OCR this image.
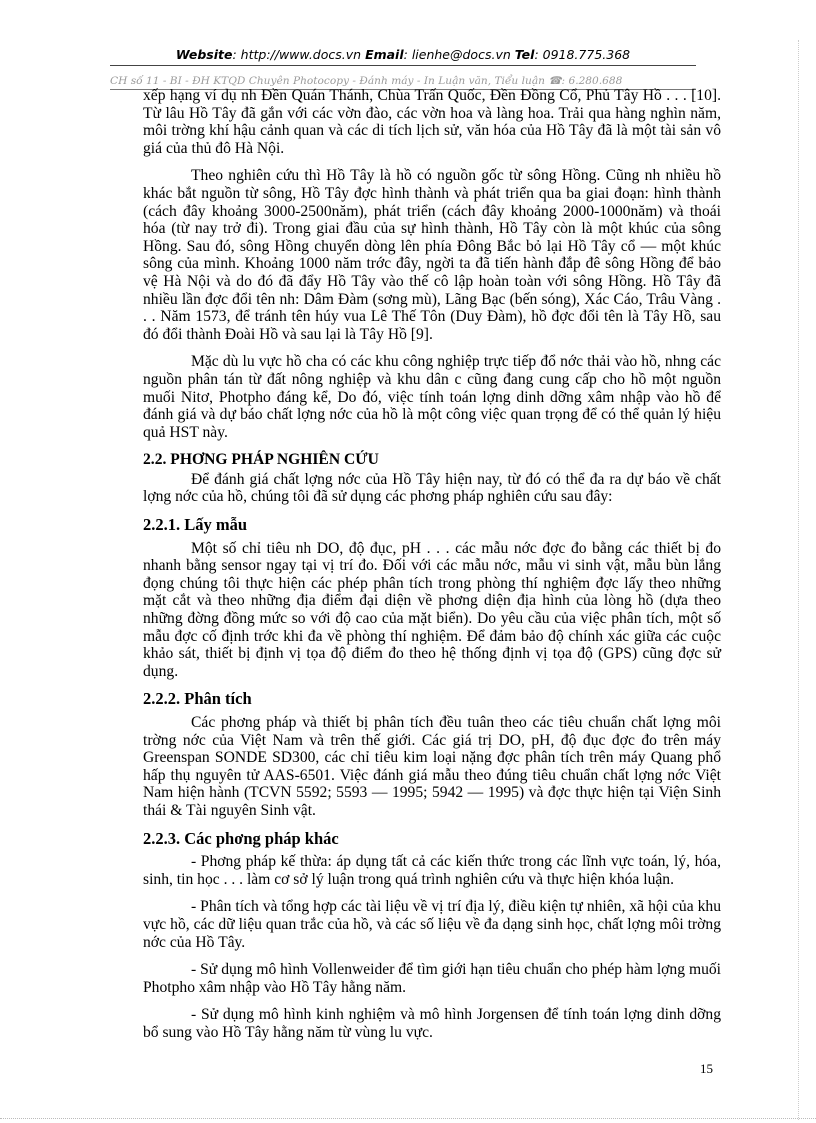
Website: http://www.docs.vn Email: lienhe@docs.vn Tel: 0918.775.368
CH số 11 - BI - ĐH KTQD Chuyên Photocopy - Đánh máy - In Luận văn, Tiểu luận ☎: 6.280.688

xếp hạng ví dụ nh Đền Quán Thánh, Chùa Trấn Quốc, Đền Đồng Cổ, Phủ Tây Hồ . . . [10]. Từ lâu Hồ Tây đã gắn với các vờn đào, các vờn hoa và làng hoa. Trải qua hàng nghìn năm, môi trờng khí hậu cảnh quan và các di tích lịch sử, văn hóa của Hồ Tây đã là một tài sản vô giá của thủ đô Hà Nội.

Theo nghiên cứu thì Hồ Tây là hồ có nguồn gốc từ sông Hồng. Cũng nh nhiều hồ khác bắt nguồn từ sông, Hồ Tây đợc hình thành và phát triển qua ba giai đoạn: hình thành (cách đây khoảng 3000-2500năm), phát triển (cách đây khoảng 2000-1000năm) và thoái hóa (từ nay trở đi). Trong giai đầu của sự hình thành, Hồ Tây còn là một khúc của sông Hồng. Sau đó, sông Hồng chuyển dòng lên phía Đông Bắc bỏ lại Hồ Tây cổ — một khúc sông của mình. Khoảng 1000 năm trớc đây, ngời ta đã tiến hành đắp đê sông Hồng để bảo vệ Hà Nội và do đó đã đẩy Hồ Tây vào thế cô lập hoàn toàn với sông Hồng. Hồ Tây đã nhiều lần đợc đổi tên nh: Dâm Đàm (sơng mù), Lãng Bạc (bến sóng), Xác Cáo, Trâu Vàng . . . Năm 1573, để tránh tên húy vua Lê Thế Tôn (Duy Đàm), hồ đợc đổi tên là Tây Hồ, sau đó đổi thành Đoài Hồ và sau lại là Tây Hồ [9].

Mặc dù lu vực hồ cha có các khu công nghiệp trực tiếp đổ nớc thải vào hồ, nhng các nguồn phân tán từ đất nông nghiệp và khu dân c cũng đang cung cấp cho hồ một nguồn muối Nitơ, Photpho đáng kể, Do đó, việc tính toán lợng dinh dỡng xâm nhập vào hồ để đánh giá và dự báo chất lợng nớc của hồ là một công việc quan trọng để có thể quản lý hiệu quả HST này.

2.2. PHƠNG PHÁP NGHIÊN CỨU

Để đánh giá chất lợng nớc của Hồ Tây hiện nay, từ đó có thể đa ra dự báo về chất lợng nớc của hồ, chúng tôi đã sử dụng các phơng pháp nghiên cứu sau đây:

2.2.1. Lấy mẫu

Một số chỉ tiêu nh DO, độ đục, pH . . . các mẫu nớc đợc đo bằng các thiết bị đo nhanh bằng sensor ngay tại vị trí đo. Đối với các mẫu nớc, mẫu vi sinh vật, mẫu bùn lắng đọng chúng tôi thực hiện các phép phân tích trong phòng thí nghiệm đợc lấy theo những mặt cắt và theo những địa điểm đại diện về phơng diện địa hình của lòng hồ (dựa theo những đờng đồng mức so với độ cao của mặt biển). Do yêu cầu của việc phân tích, một số mẫu đợc cố định trớc khi đa về phòng thí nghiệm. Để đảm bảo độ chính xác giữa các cuộc khảo sát, thiết bị định vị tọa độ điểm đo theo hệ thống định vị tọa độ (GPS) cũng đợc sử dụng.

2.2.2. Phân tích

Các phơng pháp và thiết bị phân tích đều tuân theo các tiêu chuẩn chất lợng môi trờng nớc của Việt Nam và trên thế giới. Các giá trị DO, pH, độ đục đợc đo trên máy Greenspan SONDE SD300, các chỉ tiêu kim loại nặng đợc phân tích trên máy Quang phổ hấp thụ nguyên tử AAS-6501. Việc đánh giá mẫu theo đúng tiêu chuẩn chất lợng nớc Việt Nam hiện hành (TCVN 5592; 5593 — 1995; 5942 — 1995) và đợc thực hiện tại Viện Sinh thái & Tài nguyên Sinh vật.

2.2.3. Các phơng pháp khác

- Phơng pháp kế thừa: áp dụng tất cả các kiến thức trong các lĩnh vực toán, lý, hóa, sinh, tin học . . . làm cơ sở lý luận trong quá trình nghiên cứu và thực hiện khóa luận.

- Phân tích và tổng hợp các tài liệu về vị trí địa lý, điều kiện tự nhiên, xã hội của khu vực hồ, các dữ liệu quan trắc của hồ, và các số liệu về đa dạng sinh học, chất lợng môi trờng nớc của Hồ Tây.

- Sử dụng mô hình Vollenweider để tìm giới hạn tiêu chuẩn cho phép hàm lợng muối Photpho xâm nhập vào Hồ Tây hằng năm.

- Sử dụng mô hình kinh nghiệm và mô hình Jorgensen để tính toán lợng dinh dỡng bổ sung vào Hồ Tây hằng năm từ vùng lu vực.

15
